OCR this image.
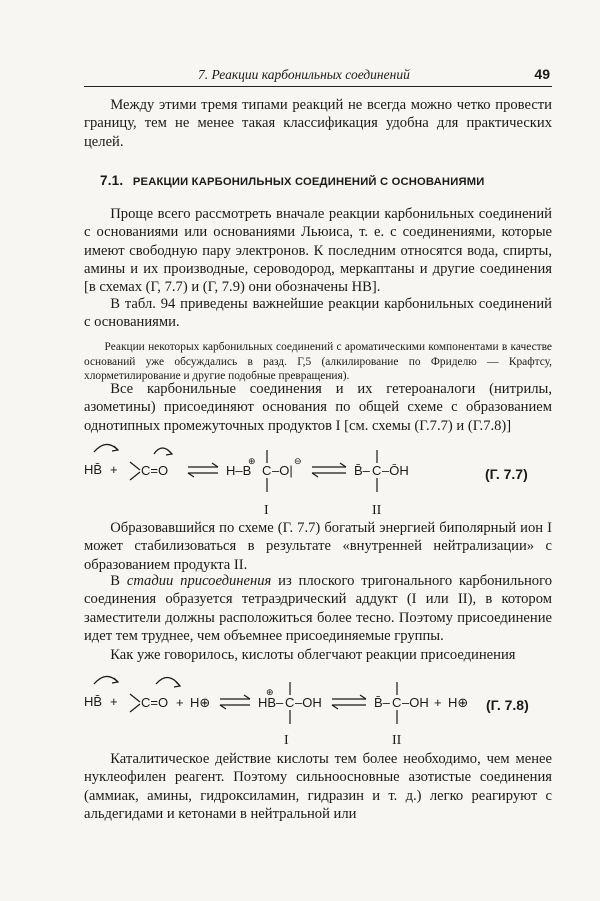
7. Реакции карбонильных соединений	49

Между этими тремя типами реакций не всегда можно четко провести границу, тем не менее такая классификация удобна для практических целей.

7.1. РЕАКЦИИ КАРБОНИЛЬНЫХ СОЕДИНЕНИЙ С ОСНОВАНИЯМИ

Проще всего рассмотреть вначале реакции карбонильных соединений с основаниями или основаниями Льюиса, т. е. с соединениями, которые имеют свободную пару электронов. К последним относятся вода, спирты, амины и их производные, сероводород, меркаптаны и другие соединения [в схемах (Г, 7.7) и (Г, 7.9) они обозначены HB].

В табл. 94 приведены важнейшие реакции карбонильных соединений с основаниями.

Реакции некоторых карбонильных соединений с ароматическими компонентами в качестве оснований уже обсуждались в разд. Г,5 (алкилирование по Фриделю — Крафтсу, хлорметилирование и другие подобные превращения).

Все карбонильные соединения и их гетероаналоги (нитрилы, азометины) присоединяют основания по общей схеме с образованием однотипных промежуточных продуктов I [см. схемы (Г.7.7) и (Г.7.8)]

HB̄ + C=O	H–B
⊕
C –O|
⊖
B̄– C –ŌH
I	II
(Г. 7.7)

Образовавшийся по схеме (Г. 7.7) богатый энергией биполярный ион I может стабилизоваться в результате «внутренней нейтрализации» с образованием продукта II.

В стадии присоединения из плоского тригонального карбонильного соединения образуется тетраэдрический аддукт (I или II), в котором заместители должны расположиться более тесно. Поэтому присоединение идет тем труднее, чем объемнее присоединяемые группы.

Как уже говорилось, кислоты облегчают реакции присоединения

HB̄ + C=O + H⊕	HB–
⊕
C –OH	B̄– C –OH + H⊕
I	II
(Г. 7.8)

Каталитическое действие кислоты тем более необходимо, чем менее нуклеофилен реагент. Поэтому сильноосновные азотистые соединения (аммиак, амины, гидроксиламин, гидразин и т. д.) легко реагируют с альдегидами и кетонами в нейтральной или
